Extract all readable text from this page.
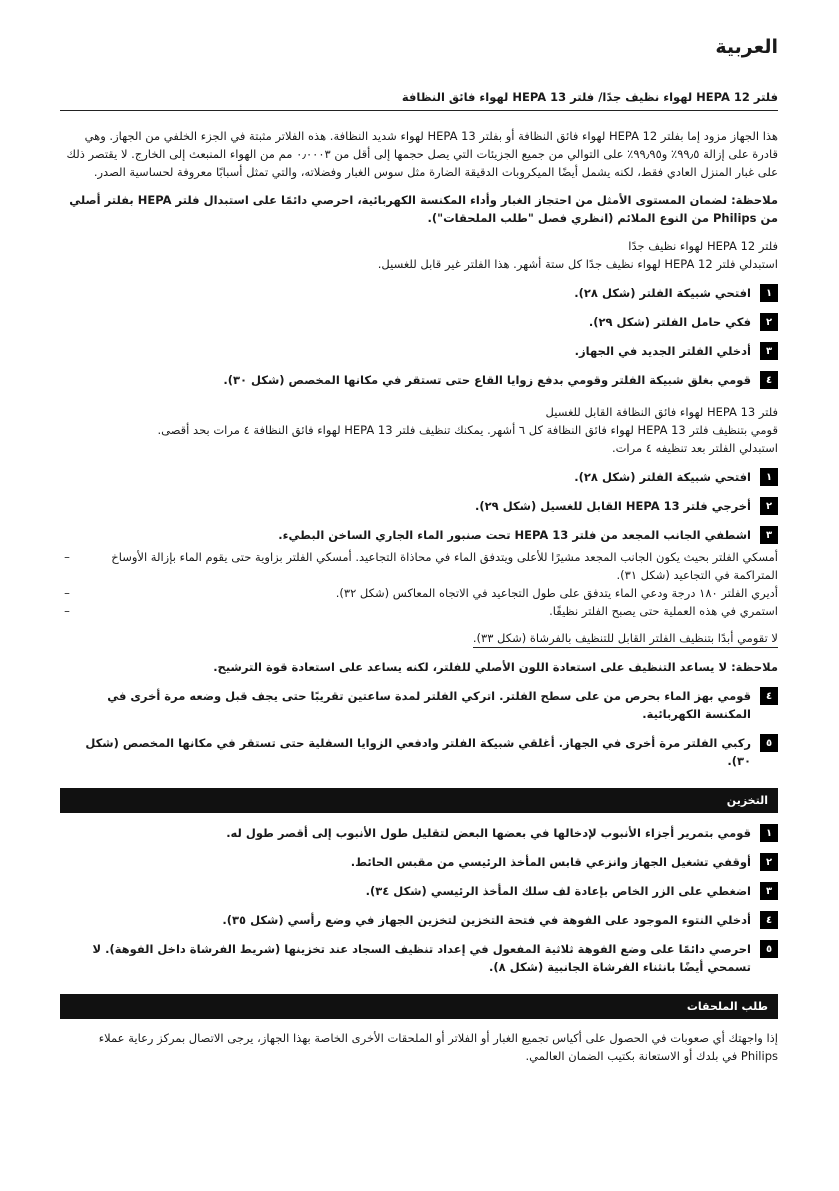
العربية
فلتر HEPA 12 لهواء نظيف جدًا/ فلتر HEPA 13 لهواء فائق النظافة

هذا الجهاز مزود إما بفلتر HEPA 12 لهواء فائق النظافة أو بفلتر HEPA 13 لهواء شديد النظافة. هذه الفلاتر مثبتة في الجزء الخلفي من الجهاز. وهي قادرة على إزالة ٩٩٫٥٪ و٩٩٫٩٥٪ على التوالي من جميع الجزيئات التي يصل حجمها إلى أقل من ٠٫٠٠٠٣ مم من الهواء المنبعث إلى الخارج. لا يقتصر ذلك على غبار المنزل العادي فقط، لكنه يشمل أيضًا الميكروبات الدقيقة الضارة مثل سوس الغبار وفضلاته، والتي تمثل أسبابًا معروفة لحساسية الصدر.

ملاحظة: لضمان المستوى الأمثل من احتجاز الغبار وأداء المكنسة الكهربائية، احرصي دائمًا على استبدال فلتر HEPA بفلتر أصلي من Philips من النوع الملائم (انظري فصل "طلب الملحقات").

فلتر HEPA 12 لهواء نظيف جدًا

استبدلي فلتر HEPA 12 لهواء نظيف جدًا كل ستة أشهر. هذا الفلتر غير قابل للغسيل.

١
افتحي شبيكة الفلتر (شكل ٢٨).
٢
فكي حامل الفلتر (شكل ٢٩).
٣
أدخلي الفلتر الجديد في الجهاز.
٤
قومي بغلق شبيكة الفلتر وقومي بدفع زوايا القاع حتى تستقر في مكانها المخصص (شكل ٣٠).

فلتر HEPA 13 لهواء فائق النظافة القابل للغسيل

قومي بتنظيف فلتر HEPA 13 لهواء فائق النظافة كل ٦ أشهر. يمكنك تنظيف فلتر HEPA 13 لهواء فائق النظافة ٤ مرات بحد أقصى.

استبدلي الفلتر بعد تنظيفه ٤ مرات.

١
افتحي شبيكة الفلتر (شكل ٢٨).
٢
أخرجي فلتر HEPA 13 القابل للغسيل (شكل ٢٩).
٣
اشطفي الجانب المجعد من فلتر HEPA 13 تحت صنبور الماء الجاري الساخن البطيء.
–	أمسكي الفلتر بحيث يكون الجانب المجعد مشيرًا للأعلى ويتدفق الماء في محاذاة التجاعيد. أمسكي الفلتر بزاوية حتى يقوم الماء بإزالة الأوساخ المتراكمة في التجاعيد (شكل ٣١).
–	أديري الفلتر ١٨٠ درجة ودعي الماء يتدفق على طول التجاعيد في الاتجاه المعاكس (شكل ٣٢).
–	استمري في هذه العملية حتى يصبح الفلتر نظيفًا.
لا تقومي أبدًا بتنظيف الفلتر القابل للتنظيف بالفرشاة (شكل ٣٣).

ملاحظة: لا يساعد التنظيف على استعادة اللون الأصلي للفلتر، لكنه يساعد على استعادة قوة الترشيح.

٤
قومي بهز الماء بحرص من على سطح الفلتر. اتركي الفلتر لمدة ساعتين تقريبًا حتى يجف قبل وضعه مرة أخرى في المكنسة الكهربائية.
٥
ركبي الفلتر مرة أخرى في الجهاز. أغلقي شبيكة الفلتر وادفعي الزوايا السفلية حتى تستقر في مكانها المخصص (شكل ٣٠).
التخزين
١
قومي بتمرير أجزاء الأنبوب لإدخالها في بعضها البعض لتقليل طول الأنبوب إلى أقصر طول له.
٢
أوقفي تشغيل الجهاز وانزعي قابس المأخذ الرئيسي من مقبس الحائط.
٣
اضغطي على الزر الخاص بإعادة لف سلك المأخذ الرئيسي (شكل ٣٤).
٤
أدخلي النتوء الموجود على الفوهة في فتحة التخزين لتخزين الجهاز في وضع رأسي (شكل ٣٥).
٥
احرصي دائمًا على وضع الفوهة ثلاثية المفعول في إعداد تنظيف السجاد عند تخزينها (شريط الفرشاة داخل الفوهة). لا تسمحي أيضًا بانثناء الفرشاة الجانبية (شكل ٨).
طلب الملحقات

إذا واجهتك أي صعوبات في الحصول على أكياس تجميع الغبار أو الفلاتر أو الملحقات الأخرى الخاصة بهذا الجهاز، يرجى الاتصال بمركز رعاية عملاء Philips في بلدك أو الاستعانة بكتيب الضمان العالمي.
